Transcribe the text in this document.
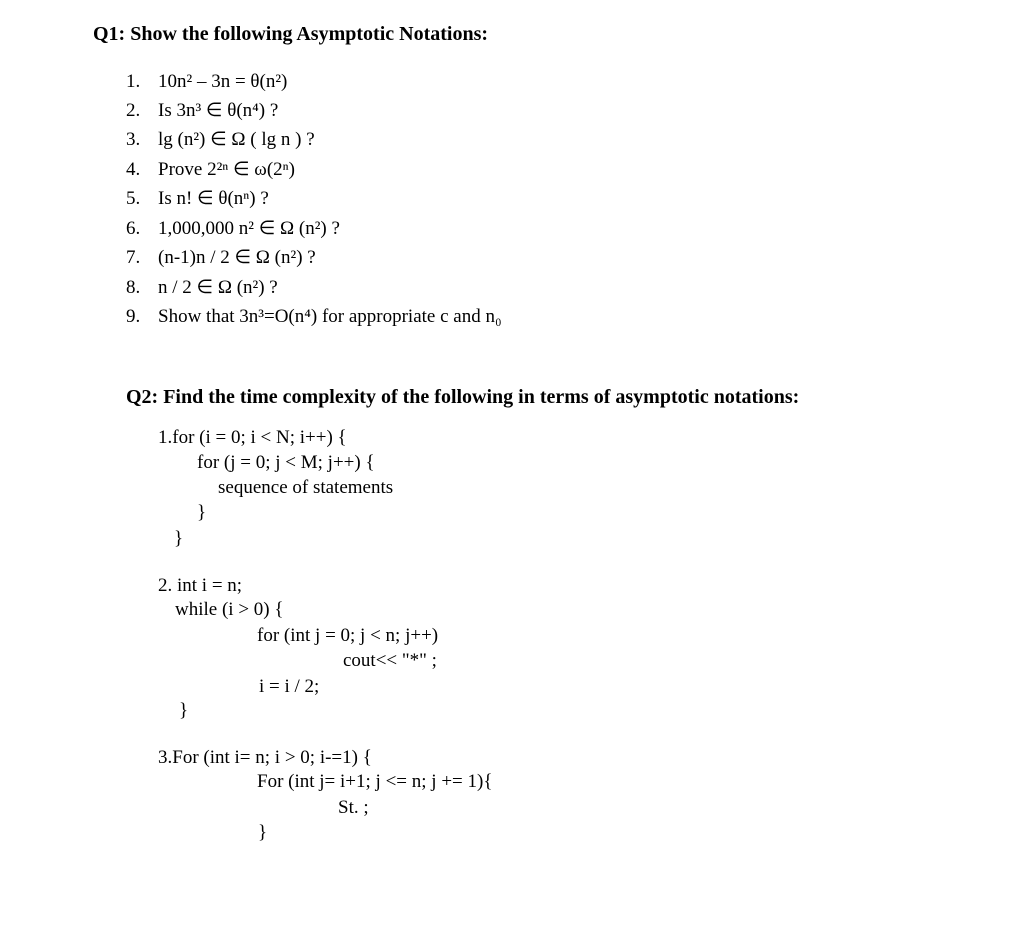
Q1: Show the following Asymptotic Notations:
1. 10n² – 3n = θ(n²)
2. Is 3n³ ∈ θ(n⁴) ?
3. lg (n²) ∈ Ω ( lg n ) ?
4. Prove 2²ⁿ ∈ ω(2ⁿ)
5. Is n! ∈ θ(nⁿ) ?
6. 1,000,000 n² ∈ Ω (n²) ?
7. (n-1)n / 2 ∈ Ω (n²) ?
8. n / 2 ∈ Ω (n²) ?
9. Show that 3n³=O(n⁴) for appropriate c and n₀
Q2: Find the time complexity of the following in terms of asymptotic notations:
1.for (i = 0; i < N; i++) {
for (j = 0; j < M; j++) {
sequence of statements
}
}
2. int i = n;
while (i > 0) {
for (int j = 0; j < n; j++)
cout<< "*" ;
i = i / 2;
}
3.For (int i= n; i > 0; i-=1) {
For (int j= i+1; j <= n; j += 1){
St. ;
}
